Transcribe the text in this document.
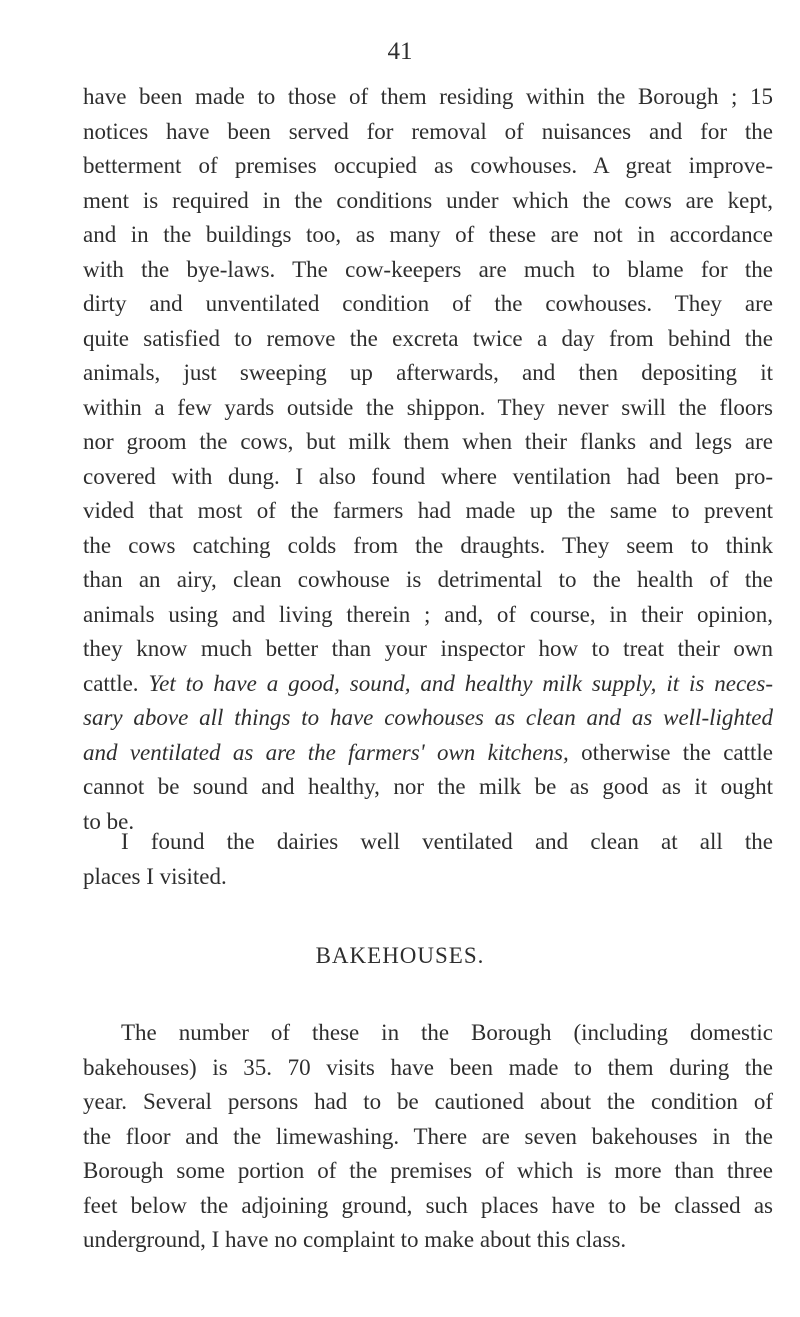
41
have been made to those of them residing within the Borough ; 15
notices have been served for removal of nuisances and for the
betterment of premises occupied as cowhouses. A great improve-
ment is required in the conditions under which the cows are kept,
and in the buildings too, as many of these are not in accordance
with the bye-laws. The cow-keepers are much to blame for the
dirty and unventilated condition of the cowhouses. They are
quite satisfied to remove the excreta twice a day from behind the
animals, just sweeping up afterwards, and then depositing it
within a few yards outside the shippon. They never swill the floors
nor groom the cows, but milk them when their flanks and legs are
covered with dung. I also found where ventilation had been pro-
vided that most of the farmers had made up the same to prevent
the cows catching colds from the draughts. They seem to think
than an airy, clean cowhouse is detrimental to the health of the
animals using and living therein ; and, of course, in their opinion,
they know much better than your inspector how to treat their own
cattle. Yet to have a good, sound, and healthy milk supply, it is neces-
sary above all things to have cowhouses as clean and as well-lighted
and ventilated as are the farmers' own kitchens, otherwise the cattle
cannot be sound and healthy, nor the milk be as good as it ought
to be.
I found the dairies well ventilated and clean at all the
places I visited.
BAKEHOUSES.
The number of these in the Borough (including domestic
bakehouses) is 35. 70 visits have been made to them during the
year. Several persons had to be cautioned about the condition of
the floor and the limewashing. There are seven bakehouses in the
Borough some portion of the premises of which is more than three
feet below the adjoining ground, such places have to be classed as
underground, I have no complaint to make about this class.
